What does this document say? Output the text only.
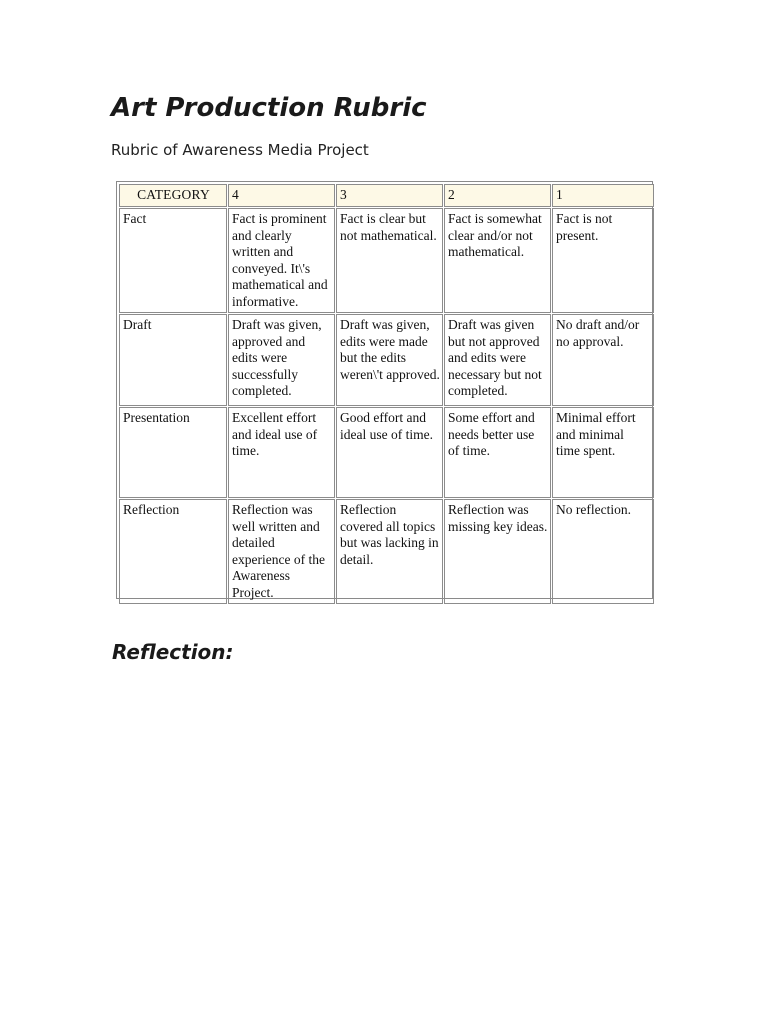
Art Production Rubric

Rubric of Awareness Media Project

CATEGORY	4	3	2	1
Fact	Fact is prominent and clearly written and conveyed. It\'s mathematical and informative.	Fact is clear but not mathematical.	Fact is somewhat clear and/or not mathematical.	Fact is not present.
Draft	Draft was given, approved and edits were successfully completed.	Draft was given, edits were made but the edits weren\'t approved.	Draft was given but not approved and edits were necessary but not completed.	No draft and/or no approval.
Presentation	Excellent effort and ideal use of time.	Good effort and ideal use of time.	Some effort and needs better use of time.	Minimal effort and minimal time spent.
Reflection	Reflection was well written and detailed experience of the Awareness Project.	Reflection covered all topics but was lacking in detail.	Reflection was missing key ideas.	No reflection.
Reflection:
